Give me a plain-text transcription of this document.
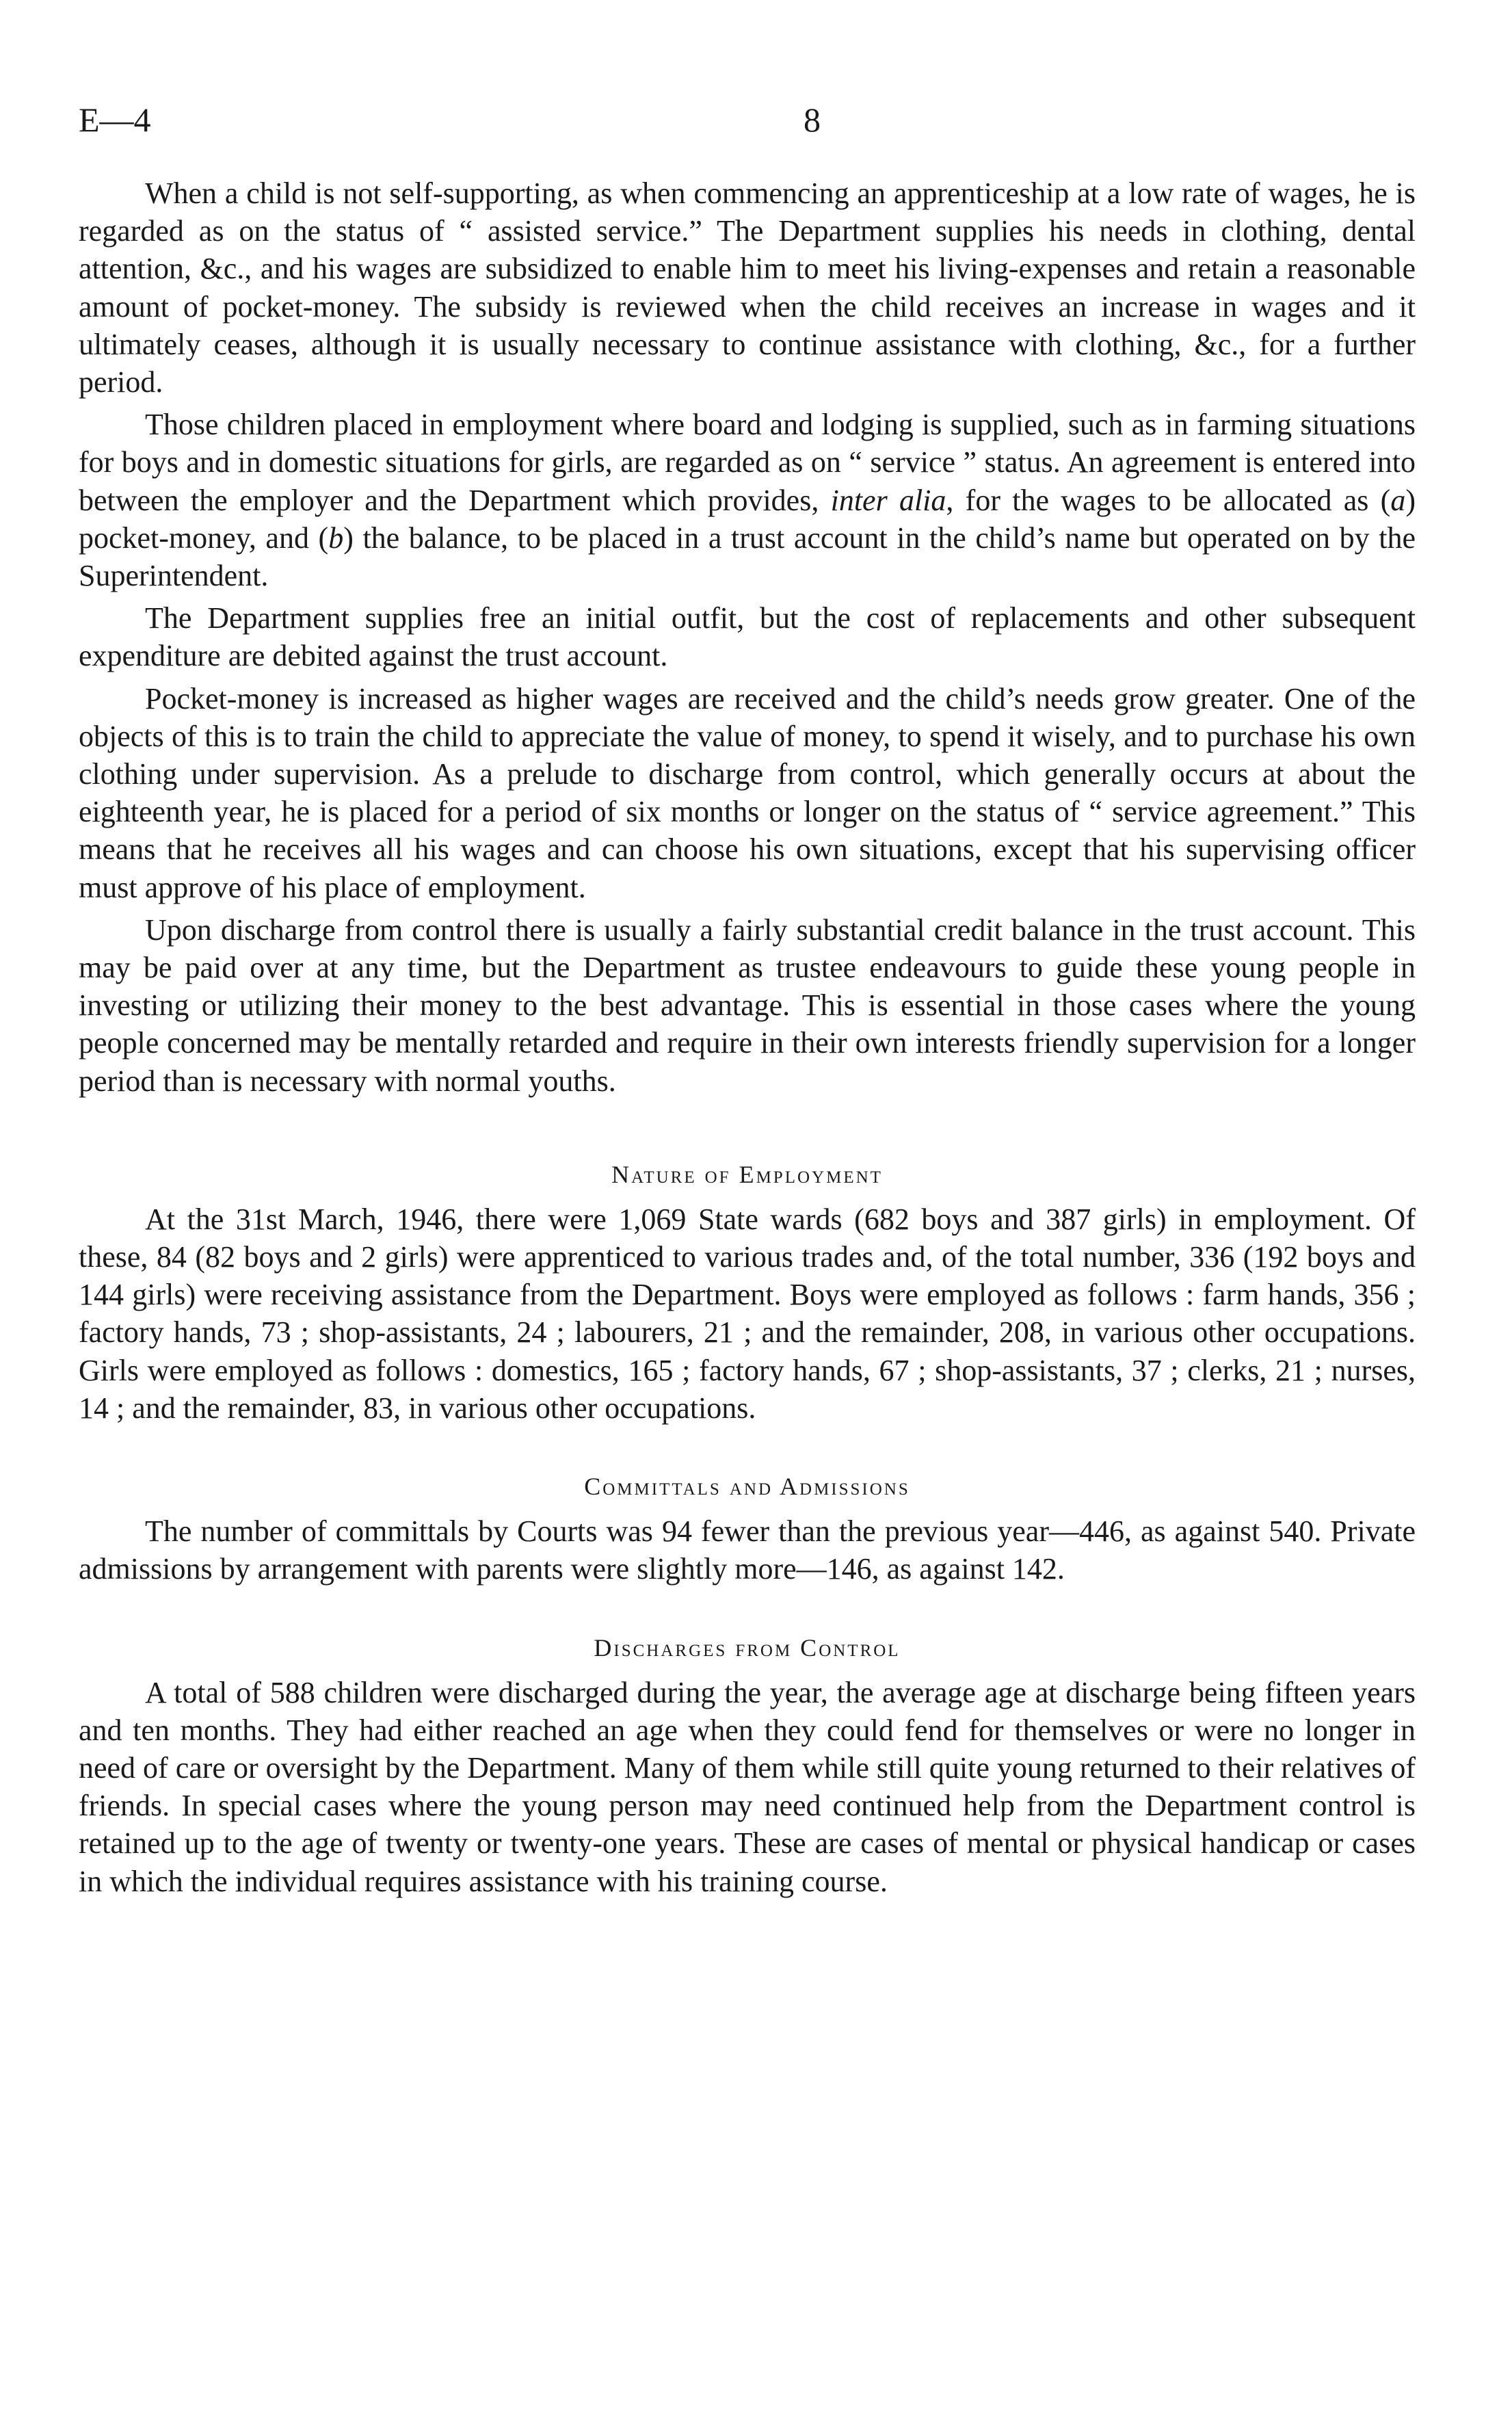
E—4	8

When a child is not self-supporting, as when commencing an apprenticeship at a low rate of wages, he is regarded as on the status of “ assisted service.” The Department supplies his needs in clothing, dental attention, &c., and his wages are subsidized to enable him to meet his living-expenses and retain a reasonable amount of pocket-money. The subsidy is reviewed when the child receives an increase in wages and it ultimately ceases, although it is usually necessary to continue assistance with clothing, &c., for a further period.

Those children placed in employment where board and lodging is supplied, such as in farming situations for boys and in domestic situations for girls, are regarded as on “ service ” status. An agreement is entered into between the employer and the Department which provides, inter alia, for the wages to be allocated as (a) pocket-money, and (b) the balance, to be placed in a trust account in the child’s name but operated on by the Superintendent.

The Department supplies free an initial outfit, but the cost of replacements and other subsequent expenditure are debited against the trust account.

Pocket-money is increased as higher wages are received and the child’s needs grow greater. One of the objects of this is to train the child to appreciate the value of money, to spend it wisely, and to purchase his own clothing under supervision. As a prelude to discharge from control, which generally occurs at about the eighteenth year, he is placed for a period of six months or longer on the status of “ service agreement.” This means that he receives all his wages and can choose his own situations, except that his supervising officer must approve of his place of employment.

Upon discharge from control there is usually a fairly substantial credit balance in the trust account. This may be paid over at any time, but the Department as trustee endeavours to guide these young people in investing or utilizing their money to the best advantage. This is essential in those cases where the young people concerned may be mentally retarded and require in their own interests friendly supervision for a longer period than is necessary with normal youths.

Nature of Employment

At the 31st March, 1946, there were 1,069 State wards (682 boys and 387 girls) in employment. Of these, 84 (82 boys and 2 girls) were apprenticed to various trades and, of the total number, 336 (192 boys and 144 girls) were receiving assistance from the Department. Boys were employed as follows : farm hands, 356 ; factory hands, 73 ; shop-assistants, 24 ; labourers, 21 ; and the remainder, 208, in various other occupations. Girls were employed as follows : domestics, 165 ; factory hands, 67 ; shop-assistants, 37 ; clerks, 21 ; nurses, 14 ; and the remainder, 83, in various other occupations.

Committals and Admissions

The number of committals by Courts was 94 fewer than the previous year—446, as against 540. Private admissions by arrangement with parents were slightly more—146, as against 142.

Discharges from Control

A total of 588 children were discharged during the year, the average age at discharge being fifteen years and ten months. They had either reached an age when they could fend for themselves or were no longer in need of care or oversight by the Department. Many of them while still quite young returned to their relatives of friends. In special cases where the young person may need continued help from the Department control is retained up to the age of twenty or twenty-one years. These are cases of mental or physical handicap or cases in which the individual requires assistance with his training course.
